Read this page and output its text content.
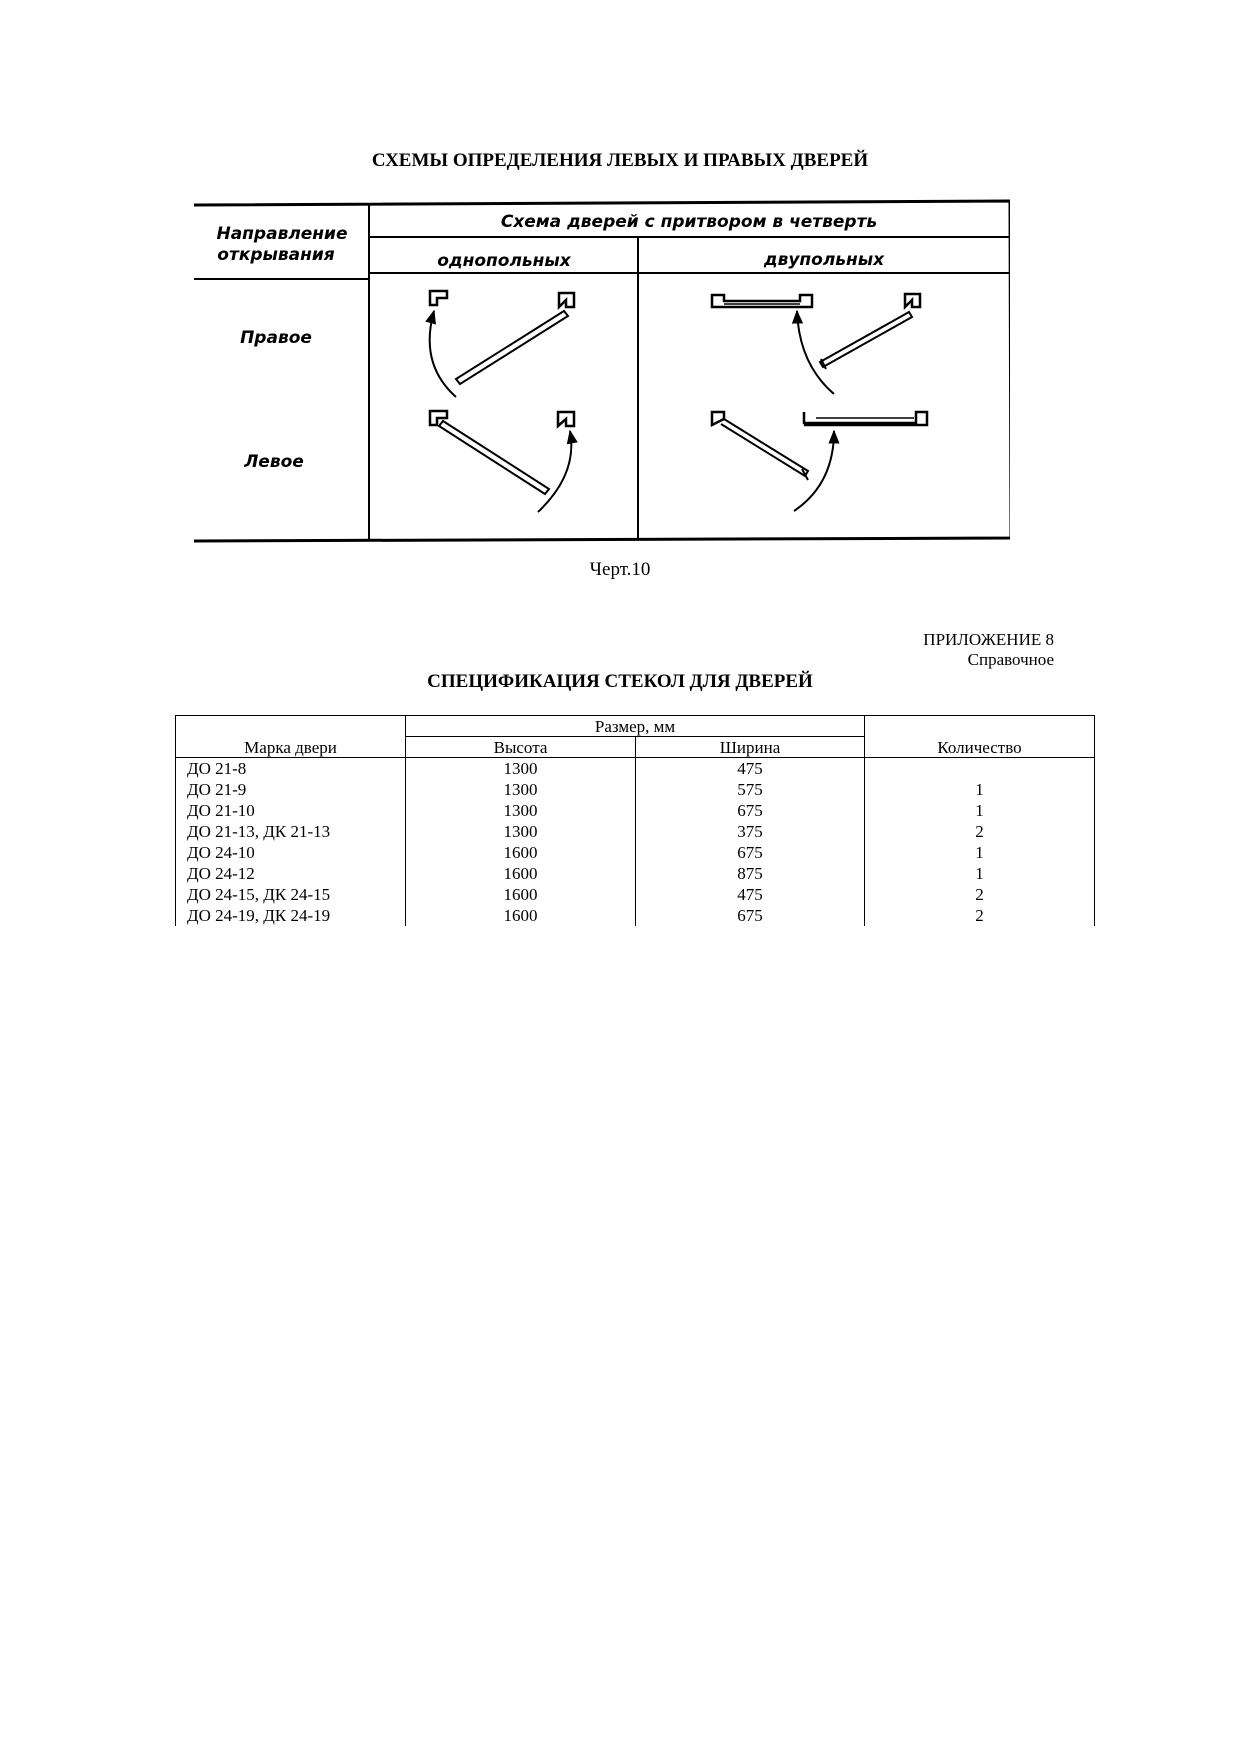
СХЕМЫ ОПРЕДЕЛЕНИЯ ЛЕВЫХ И ПРАВЫХ ДВЕРЕЙ
Направление
открывания
Схема дверей с притвором в четверть
однопольных	двупольных
Правое
Левое
Черт.10
ПРИЛОЖЕНИЕ 8
Справочное
СПЕЦИФИКАЦИЯ СТЕКОЛ ДЛЯ ДВЕРЕЙ
Марка двери	Размер, мм		Количество
	Высота	Ширина	
ДО 21-8	1300	475	
ДО 21-9	1300	575	1
ДО 21-10	1300	675	1
ДО 21-13, ДК 21-13	1300	375	2
ДО 24-10	1600	675	1
ДО 24-12	1600	875	1
ДО 24-15, ДК 24-15	1600	475	2
ДО 24-19, ДК 24-19	1600	675	2
